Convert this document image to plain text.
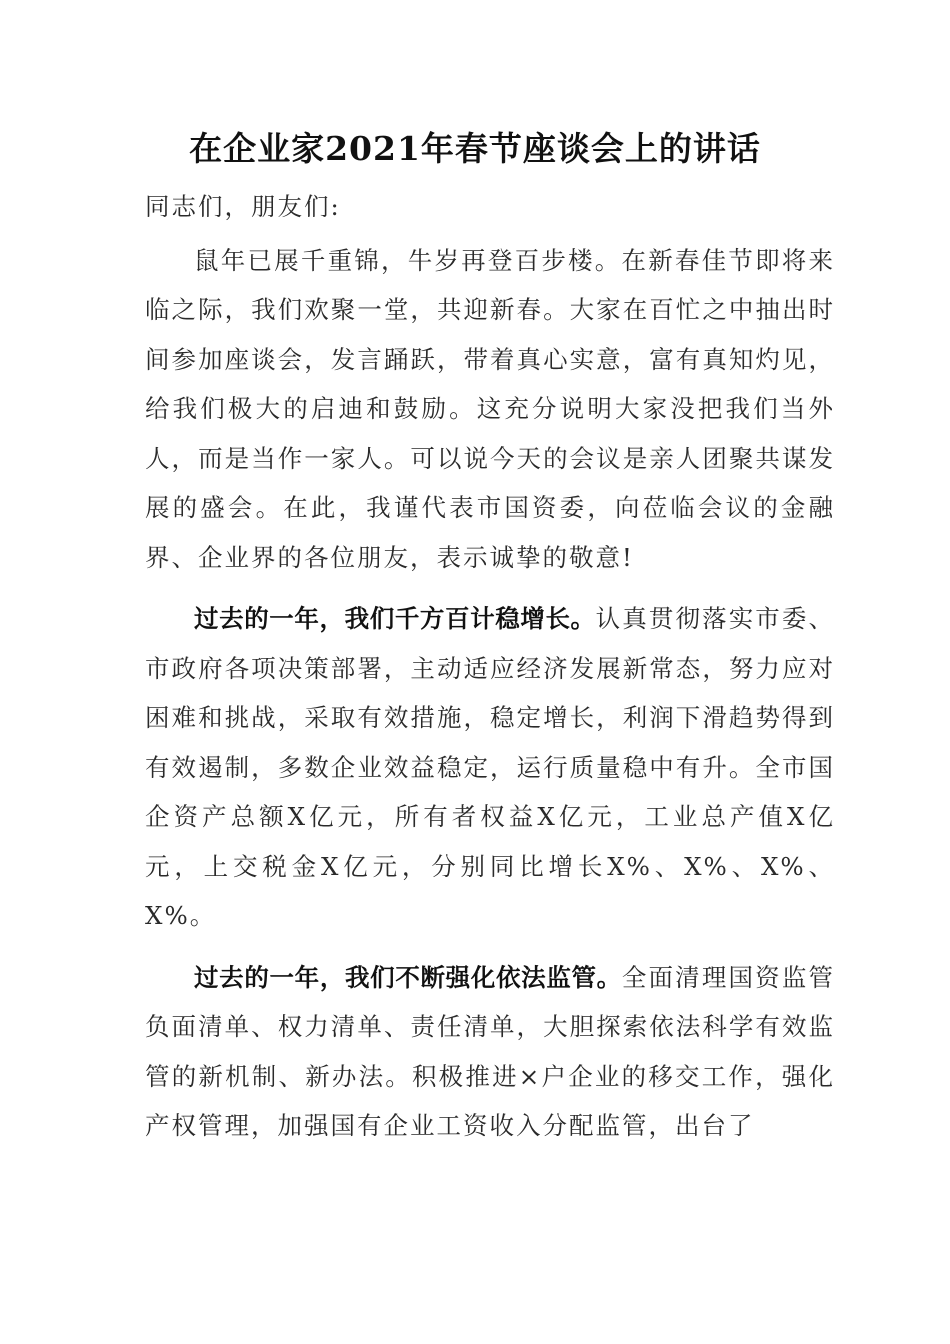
在企业家2021年春节座谈会上的讲话

同志们，朋友们:

鼠年已展千重锦，牛岁再登百步楼。在新春佳节即将来临之际，我们欢聚一堂，共迎新春。大家在百忙之中抽出时间参加座谈会，发言踊跃，带着真心实意，富有真知灼见，给我们极大的启迪和鼓励。这充分说明大家没把我们当外人，而是当作一家人。可以说今天的会议是亲人团聚共谋发展的盛会。在此，我谨代表市国资委，向莅临会议的金融界、企业界的各位朋友，表示诚挚的敬意!

过去的一年，我们千方百计稳增长。认真贯彻落实市委、市政府各项决策部署，主动适应经济发展新常态，努力应对困难和挑战，采取有效措施，稳定增长，利润下滑趋势得到有效遏制，多数企业效益稳定，运行质量稳中有升。全市国企资产总额X亿元，所有者权益X亿元，工业总产值X亿元，上交税金X亿元，分别同比增长X%、X%、X%、X%。

过去的一年，我们不断强化依法监管。全面清理国资监管负面清单、权力清单、责任清单，大胆探索依法科学有效监管的新机制、新办法。积极推进×户企业的移交工作，强化产权管理，加强国有企业工资收入分配监管，出台了
